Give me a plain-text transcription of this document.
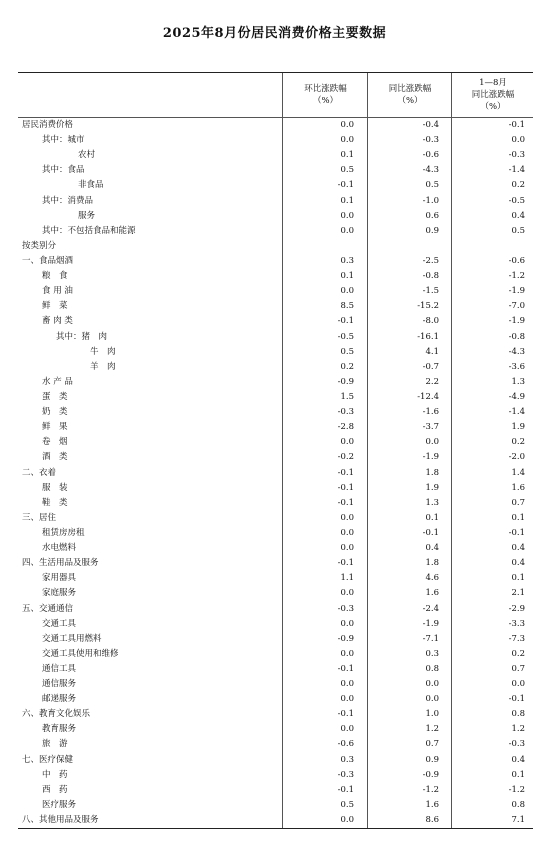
2025年8月份居民消费价格主要数据
环比涨跌幅
（%）
同比涨跌幅
（%）
1—8月
同比涨跌幅
（%）
居民消费价格	0.0	-0.4	-0.1
其中：城市	0.0	-0.3	0.0
农村	0.1	-0.6	-0.3
其中：食品	0.5	-4.3	-1.4
非食品	-0.1	0.5	0.2
其中：消费品	0.1	-1.0	-0.5
服务	0.0	0.6	0.4
其中：不包括食品和能源	0.0	0.9	0.5
按类别分
一、食品烟酒	0.3	-2.5	-0.6
粮　食	0.1	-0.8	-1.2
食 用 油	0.0	-1.5	-1.9
鲜　菜	8.5	-15.2	-7.0
畜 肉 类	-0.1	-8.0	-1.9
其中：猪　肉	-0.5	-16.1	-0.8
牛　肉	0.5	4.1	-4.3
羊　肉	0.2	-0.7	-3.6
水 产 品	-0.9	2.2	1.3
蛋　类	1.5	-12.4	-4.9
奶　类	-0.3	-1.6	-1.4
鲜　果	-2.8	-3.7	1.9
卷　烟	0.0	0.0	0.2
酒　类	-0.2	-1.9	-2.0
二、衣着	-0.1	1.8	1.4
服　装	-0.1	1.9	1.6
鞋　类	-0.1	1.3	0.7
三、居住	0.0	0.1	0.1
租赁房房租	0.0	-0.1	-0.1
水电燃料	0.0	0.4	0.4
四、生活用品及服务	-0.1	1.8	0.4
家用器具	1.1	4.6	0.1
家庭服务	0.0	1.6	2.1
五、交通通信	-0.3	-2.4	-2.9
交通工具	0.0	-1.9	-3.3
交通工具用燃料	-0.9	-7.1	-7.3
交通工具使用和维修	0.0	0.3	0.2
通信工具	-0.1	0.8	0.7
通信服务	0.0	0.0	0.0
邮递服务	0.0	0.0	-0.1
六、教育文化娱乐	-0.1	1.0	0.8
教育服务	0.0	1.2	1.2
旅　游	-0.6	0.7	-0.3
七、医疗保健	0.3	0.9	0.4
中　药	-0.3	-0.9	0.1
西　药	-0.1	-1.2	-1.2
医疗服务	0.5	1.6	0.8
八、其他用品及服务	0.0	8.6	7.1
